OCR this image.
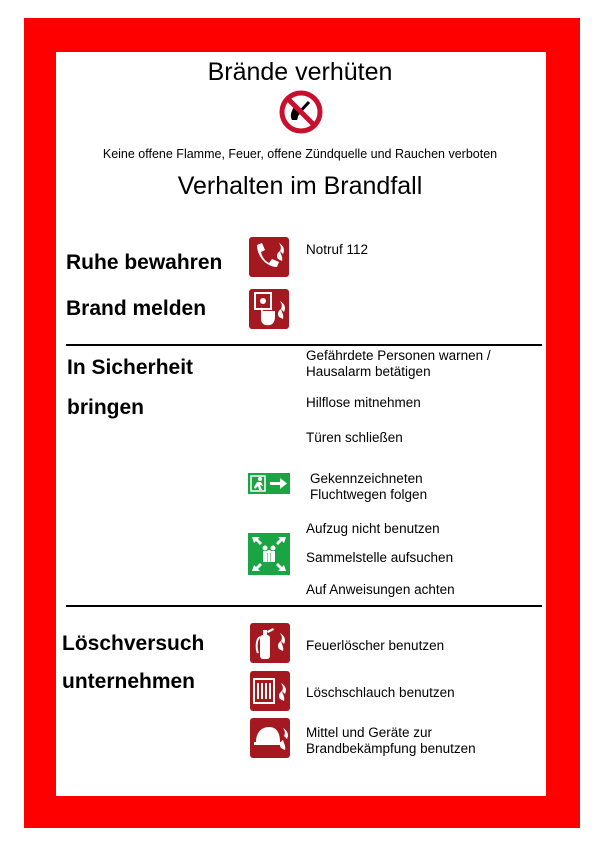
Brände verhüten
Keine offene Flamme, Feuer, offene Zündquelle und Rauchen verboten
Verhalten im Brandfall
Ruhe bewahren
Brand melden
Notruf 112
In Sicherheit
bringen
Gefährdete Personen warnen /
Hausalarm betätigen
Hilflose mitnehmen
Türen schließen
Gekennzeichneten
Fluchtwegen folgen
Aufzug nicht benutzen
Sammelstelle aufsuchen
Auf Anweisungen achten
Löschversuch
unternehmen
Feuerlöscher benutzen
Löschschlauch benutzen
Mittel und Geräte zur
Brandbekämpfung benutzen
